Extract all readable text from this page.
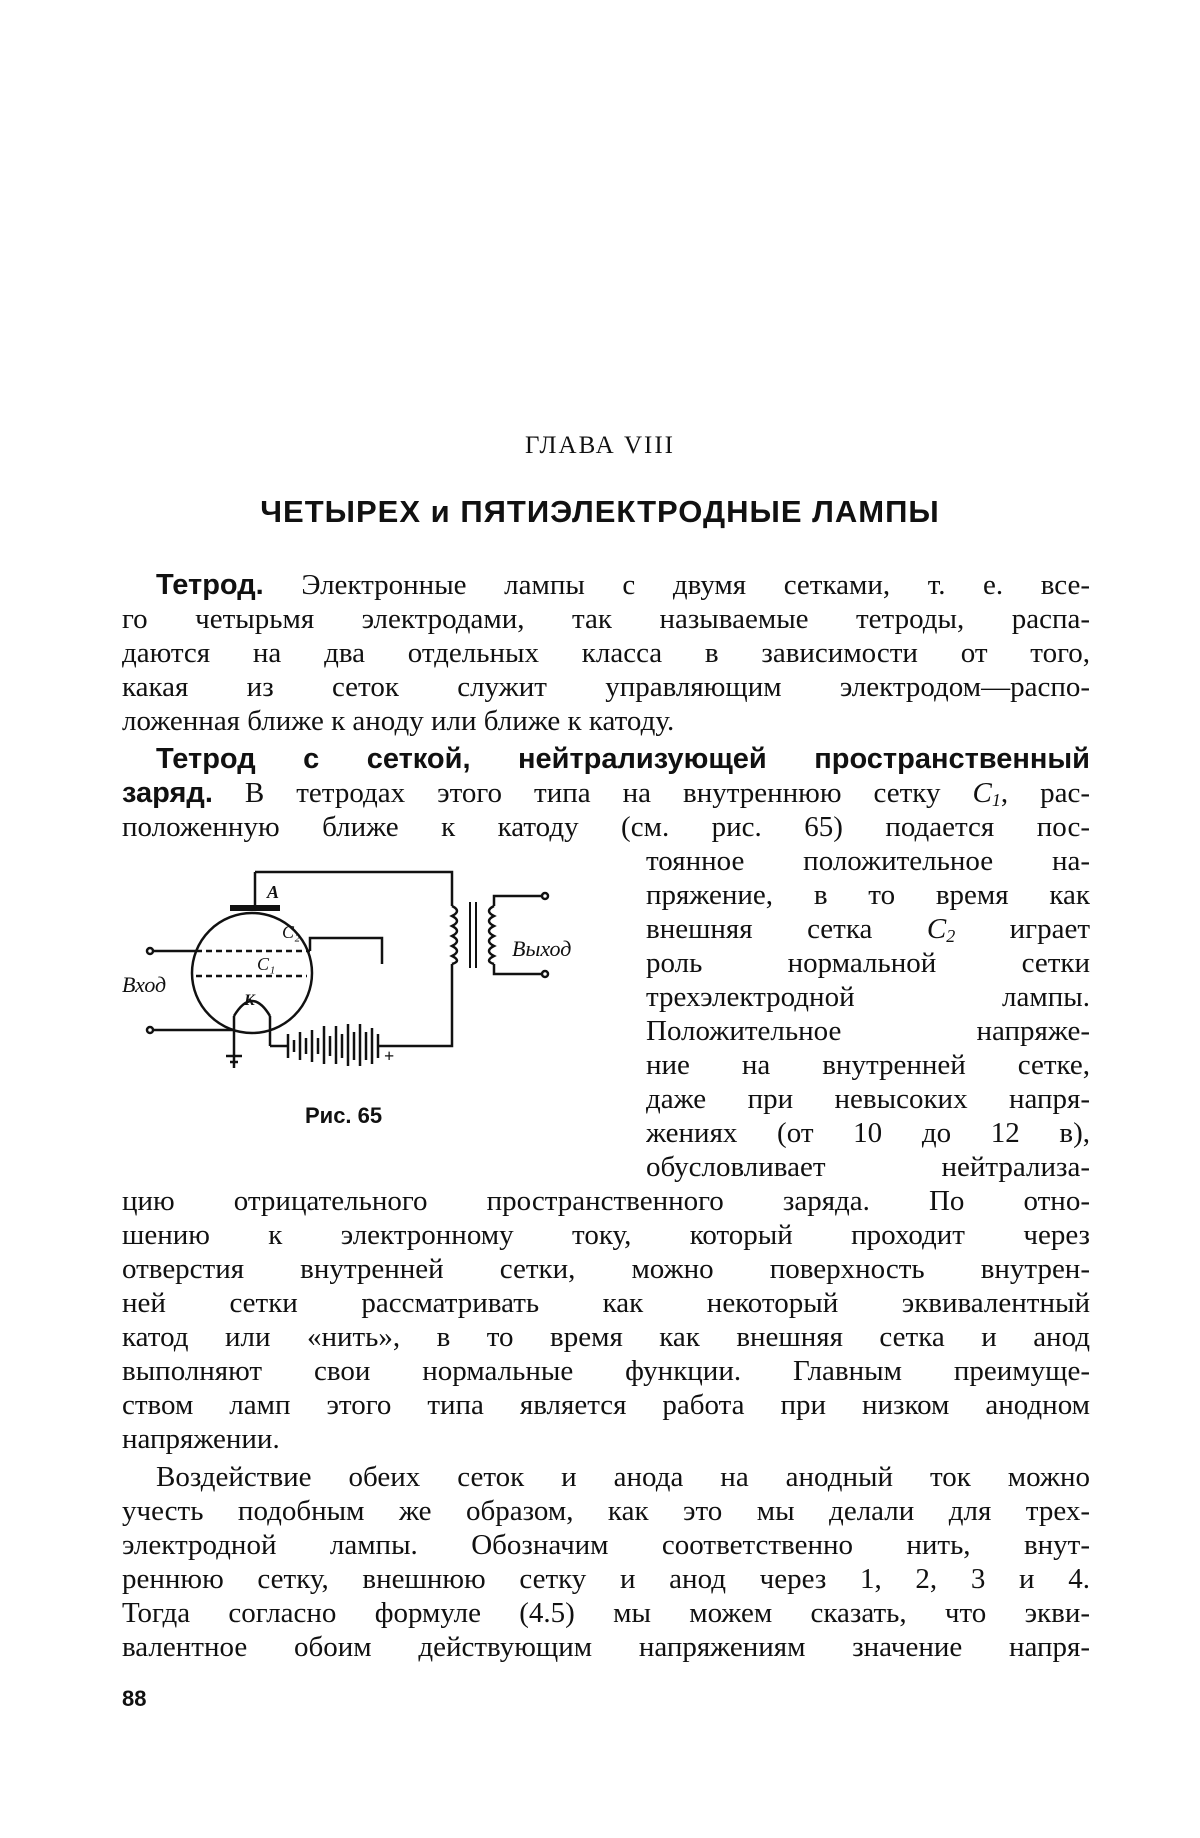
ГЛАВА VIII
ЧЕТЫРЕХ и ПЯТИЭЛЕКТРОДНЫЕ ЛАМПЫ
Тетрод. Электронные лампы с двумя сетками, т. е. все-
го четырьмя электродами, так называемые тетроды, распа-
даются на два отдельных класса в зависимости от того,
какая из сеток служит управляющим электродом—распо-
ложенная ближе к аноду или ближе к катоду.
Тетрод с сеткой, нейтрализующей пространственный
заряд. В тетродах этого типа на внутреннюю сетку $C_1$, рас-
положенную ближе к катоду (см. рис. 65) подается пос-
тоянное положительное на-
пряжение, в то время как
внешняя сетка $C_2$ играет
роль нормальной сетки
трехэлектродной лампы.
Положительное напряже-
ние на внутренней сетке,
даже при невысоких напря-
жениях (от 10 до 12 в),
обусловливает нейтрализа-
цию отрицательного пространственного заряда. По отно-
шению к электронному току, который проходит через
отверстия внутренней сетки, можно поверхность внутрен-
ней сетки рассматривать как некоторый эквивалентный
катод или «нить», в то время как внешняя сетка и анод
выполняют свои нормальные функции. Главным преимуще-
ством ламп этого типа является работа при низком анодном
напряжении.
Воздействие обеих сеток и анода на анодный ток можно
учесть подобным же образом, как это мы делали для трех-
электродной лампы. Обозначим соответственно нить, внут-
реннюю сетку, внешнюю сетку и анод через 1, 2, 3 и 4.
Тогда согласно формуле (4.5) мы можем сказать, что экви-
валентное обоим действующим напряжениям значение напря-
Вход
Выход
A
C₂
C₁
K
+
Рис. 65
88
